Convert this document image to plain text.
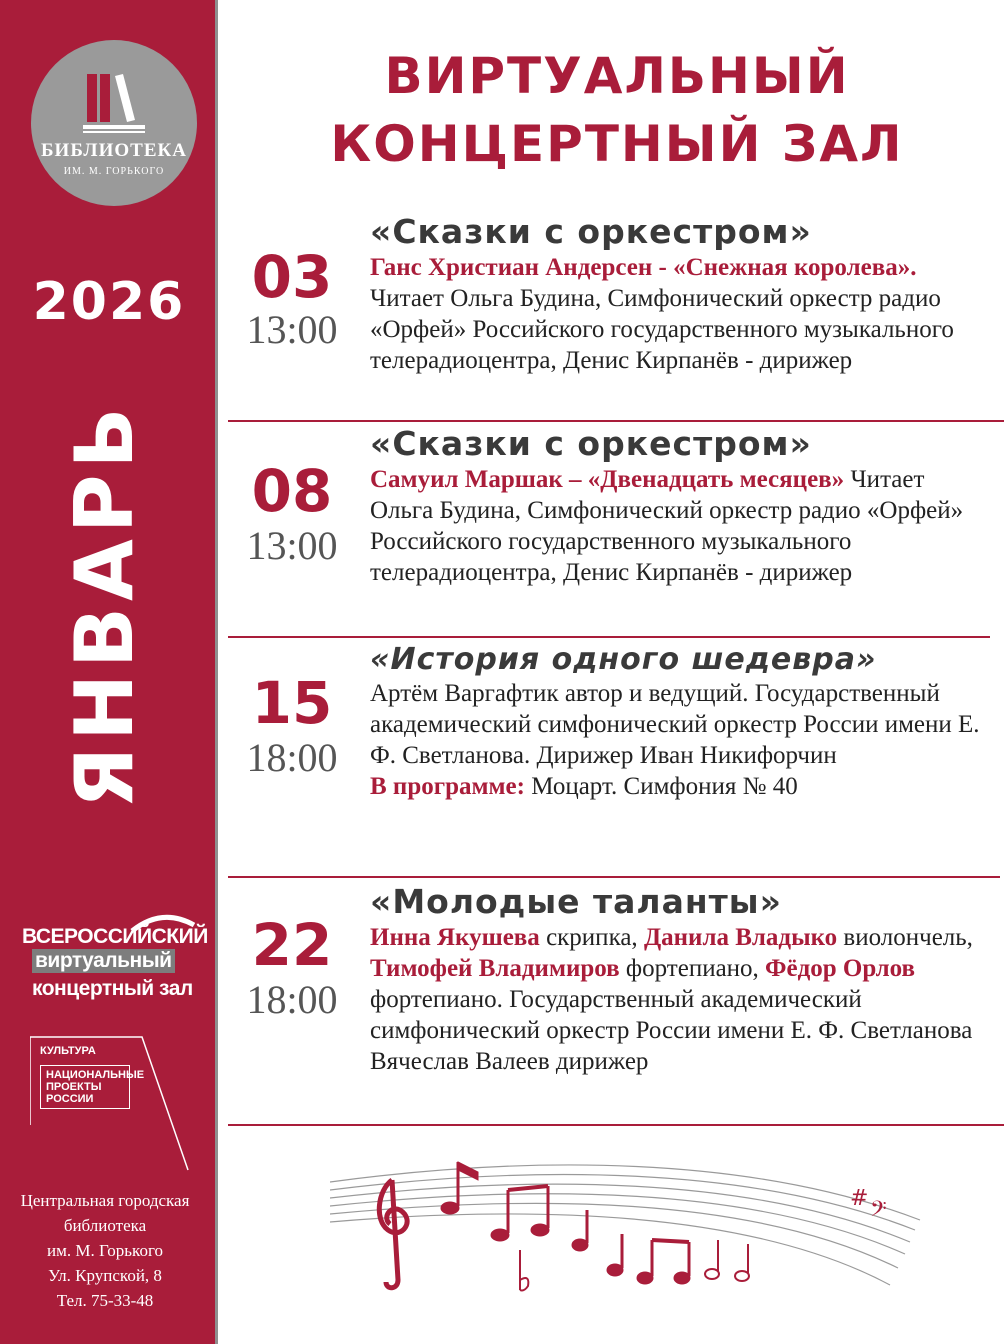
БИБЛИОТЕКА
ИМ. М. ГОРЬКОГО
2026
ЯНВАРЬ
ВСЕРОССИЙСКИЙ
виртуальный
концертный зал
КУЛЬТУРА
НАЦИОНАЛЬНЫЕ
ПРОЕКТЫ
РОССИИ
Центральная городская
библиотека
им. М. Горького
Ул. Крупской, 8
Тел. 75-33-48
ВИРТУАЛЬНЫЙ
КОНЦЕРТНЫЙ ЗАЛ
03
13:00
«Сказки с оркестром»
Ганс Христиан Андерсен - «Снежная королева». Читает Ольга Будина, Симфонический оркестр радио «Орфей» Российского государственного музыкального телерадиоцентра, Денис Кирпанёв - дирижер
08
13:00
«Сказки с оркестром»
Самуил Маршак – «Двенадцать месяцев» Читает Ольга Будина, Симфонический оркестр радио «Орфей» Российского государственного музыкального телерадиоцентра, Денис Кирпанёв - дирижер
15
18:00
«История одного шедевра»
Артём Варгафтик автор и ведущий. Государственный академический симфонический оркестр России имени Е. Ф. Светланова. Дирижер Иван Никифорчин
В программе: Моцарт. Симфония № 40
22
18:00
«Молодые таланты»
Инна Якушева скрипка, Данила Владыко виолончель, Тимофей Владимиров фортепиано, Фёдор Орлов фортепиано. Государственный академический симфонический оркестр России имени Е. Ф. Светланова
Вячеслав Валеев дирижер
# 𝄢
